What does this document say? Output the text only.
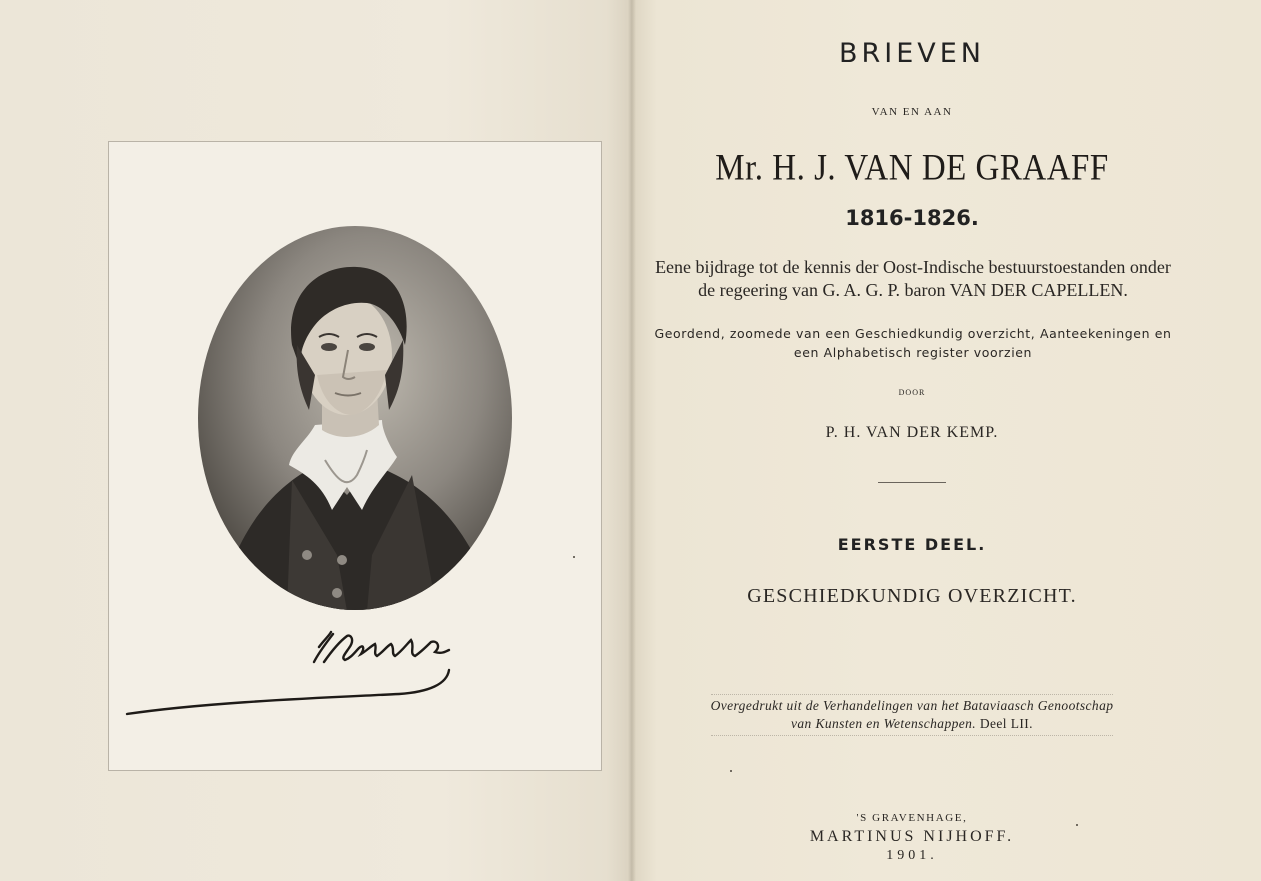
BRIEVEN
VAN EN AAN
Mr. H. J. VAN DE GRAAFF
1816-1826.
Eene bijdrage tot de kennis der Oost-Indische bestuurstoestanden onder
de regeering van G. A. G. P. baron VAN DER CAPELLEN.
Geordend, zoomede van een Geschiedkundig overzicht, Aanteekeningen en
een Alphabetisch register voorzien
DOOR
P. H. VAN DER KEMP.
EERSTE DEEL.
GESCHIEDKUNDIG OVERZICHT.
Overgedrukt uit de Verhandelingen van het Bataviaasch Genootschap
van Kunsten en Wetenschappen. Deel LII.
'S GRAVENHAGE,
MARTINUS NIJHOFF.
1901.
